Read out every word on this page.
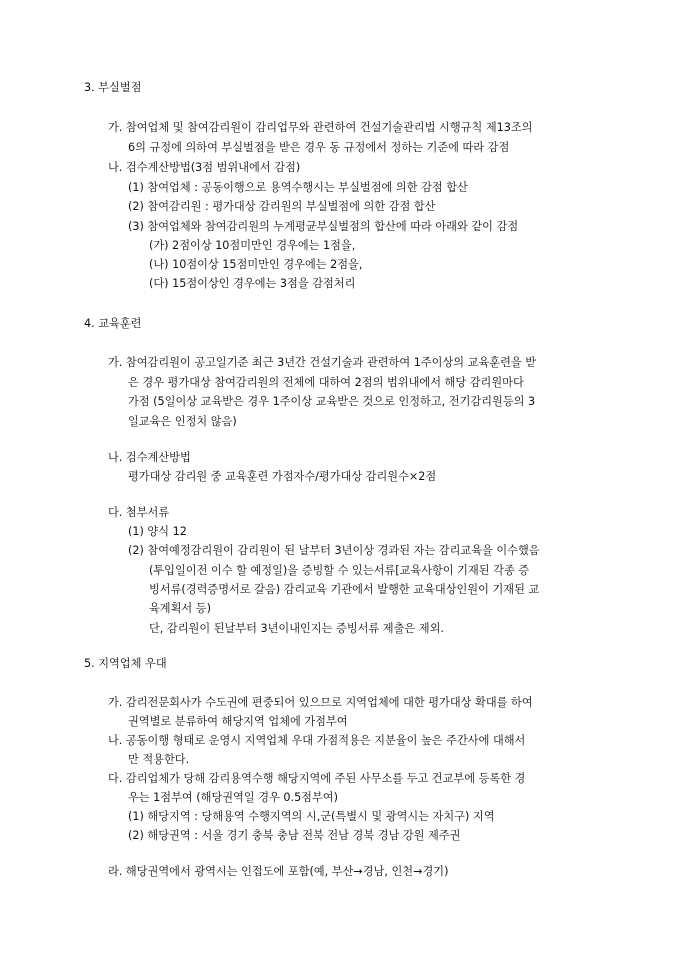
3. 부실벌점
가. 참여업체 및 참여감리원이 감리업무와 관련하여 건설기술관리법 시행규칙 제13조의
6의 규정에 의하여 부실벌점을 받은 경우 동 규정에서 정하는 기준에 따라 감점
나. 검수계산방법(3점 범위내에서 감점)
(1) 참여업체 : 공동이행으로 용역수행시는 부실벌점에 의한 감점 합산
(2) 참여감리원 : 평가대상 감리원의 부실벌점에 의한 감점 합산
(3) 참여업체와 참여감리원의 누계평균부실벌점의 합산에 따라 아래와 같이 감점
(가) 2점이상 10점미만인 경우에는 1점을,
(나) 10점이상 15점미만인 경우에는 2점을,
(다) 15점이상인 경우에는 3점을 감점처리
4. 교육훈련
가. 참여감리원이 공고일기준 최근 3년간 건설기술과 관련하여 1주이상의 교육훈련을 받
은 경우 평가대상 참여감리원의 전체에 대하여 2점의 범위내에서 해당 감리원마다
가점 (5일이상 교육받은 경우 1주이상 교육받은 것으로 인정하고, 전기감리원등의 3
일교육은 인정치 않음)
나. 검수계산방법
평가대상 감리원 중 교육훈련 가점자수/평가대상 감리원수×2점
다. 첨부서류
(1) 양식 12
(2) 참여예정감리원이 감리원이 된 날부터 3년이상 경과된 자는 감리교육을 이수했음
(투입일이전 이수 할 예정일)을 증빙할 수 있는서류[교육사항이 기재된 각종 증
빙서류(경력증명서로 갈음) 감리교육 기관에서 발행한 교육대상인원이 기재된 교
육계획서 등)
단, 감리원이 된날부터 3년이내인지는 증빙서류 제출은 제외.
5. 지역업체 우대
가. 감리전문회사가 수도권에 편중되어 있으므로 지역업체에 대한 평가대상 확대를 하여
권역별로 분류하여 해당지역 업체에 가점부여
나. 공동이행 형태로 운영시 지역업체 우대 가점적용은 지분율이 높은 주간사에 대해서
만 적용한다.
다. 감리업체가 당해 감리용역수행 해당지역에 주된 사무소를 두고 건교부에 등록한 경
우는 1점부여 (해당권역일 경우 0.5점부여)
(1) 해당지역 : 당해용역 수행지역의 시,군(특별시 및 광역시는 자치구) 지역
(2) 해당권역 : 서울 경기 충북 충남 전북 전남 경북 경남 강원 제주권
라. 해당권역에서 광역시는 인접도에 포함(예, 부산→경남, 인천→경기)
